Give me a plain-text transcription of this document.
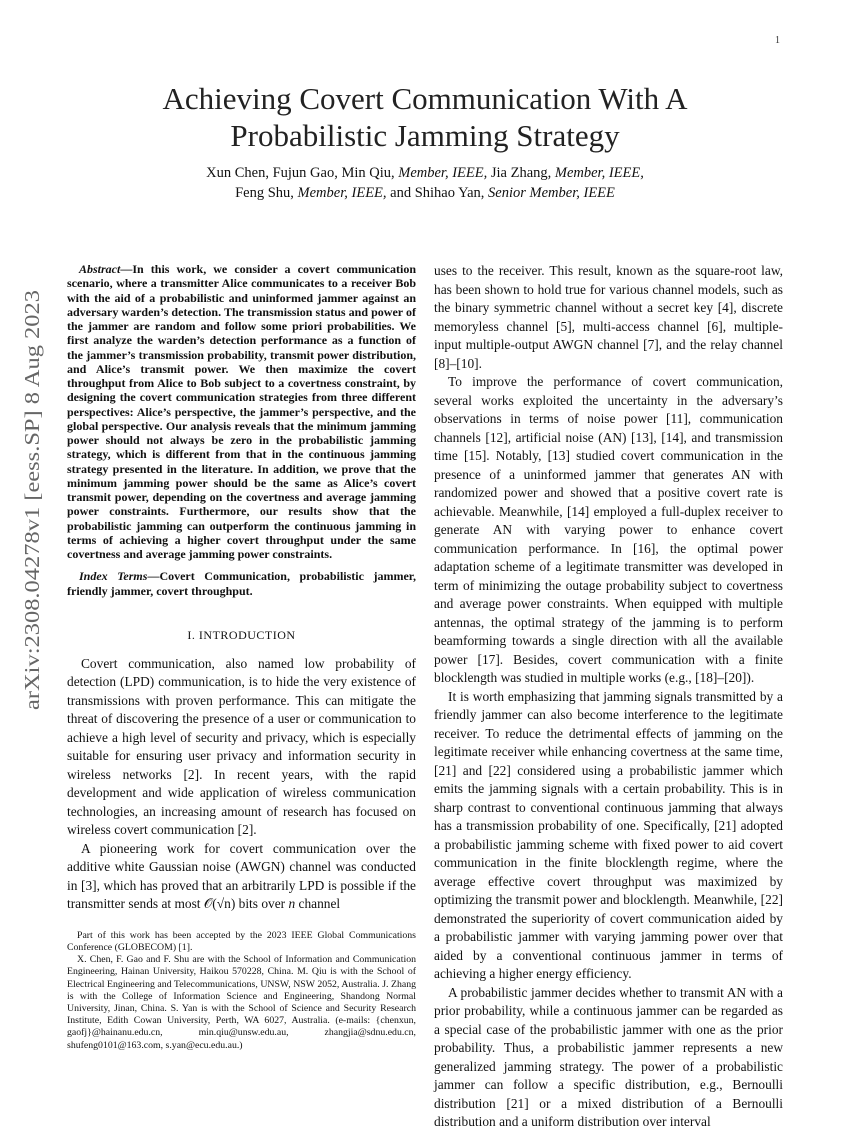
1
arXiv:2308.04278v1 [eess.SP] 8 Aug 2023
Achieving Covert Communication With A
Probabilistic Jamming Strategy
Xun Chen, Fujun Gao, Min Qiu, Member, IEEE, Jia Zhang, Member, IEEE,
Feng Shu, Member, IEEE, and Shihao Yan, Senior Member, IEEE

Abstract—In this work, we consider a covert communication scenario, where a transmitter Alice communicates to a receiver Bob with the aid of a probabilistic and uninformed jammer against an adversary warden’s detection. The transmission status and power of the jammer are random and follow some priori probabilities. We first analyze the warden’s detection performance as a function of the jammer’s transmission probability, transmit power distribution, and Alice’s transmit power. We then maximize the covert throughput from Alice to Bob subject to a covertness constraint, by designing the covert communication strategies from three different perspectives: Alice’s perspective, the jammer’s perspective, and the global perspective. Our analysis reveals that the minimum jamming power should not always be zero in the probabilistic jamming strategy, which is different from that in the continuous jamming strategy presented in the literature. In addition, we prove that the minimum jamming power should be the same as Alice’s covert transmit power, depending on the covertness and average jamming power constraints. Furthermore, our results show that the probabilistic jamming can outperform the continuous jamming in terms of achieving a higher covert throughput under the same covertness and average jamming power constraints.

Index Terms—Covert Communication, probabilistic jammer, friendly jammer, covert throughput.

I. INTRODUCTION

Covert communication, also named low probability of detection (LPD) communication, is to hide the very existence of transmissions with proven performance. This can mitigate the threat of discovering the presence of a user or communication to achieve a high level of security and privacy, which is especially suitable for ensuring user privacy and information security in wireless networks [2]. In recent years, with the rapid development and wide application of wireless communication technologies, an increasing amount of research has focused on wireless covert communication [2].

A pioneering work for covert communication over the additive white Gaussian noise (AWGN) channel was conducted in [3], which has proved that an arbitrarily LPD is possible if the transmitter sends at most 𝒪(√n) bits over n channel

Part of this work has been accepted by the 2023 IEEE Global Communications Conference (GLOBECOM) [1].

X. Chen, F. Gao and F. Shu are with the School of Information and Communication Engineering, Hainan University, Haikou 570228, China. M. Qiu is with the School of Electrical Engineering and Telecommunications, UNSW, NSW 2052, Australia. J. Zhang is with the College of Information Science and Engineering, Shandong Normal University, Jinan, China. S. Yan is with the School of Science and Security Research Institute, Edith Cowan University, Perth, WA 6027, Australia. (e-mails: {chenxun, gaofj}@hainanu.edu.cn, min.qiu@unsw.edu.au, zhangjia@sdnu.edu.cn, shufeng0101@163.com, s.yan@ecu.edu.au.)

uses to the receiver. This result, known as the square-root law, has been shown to hold true for various channel models, such as the binary symmetric channel without a secret key [4], discrete memoryless channel [5], multi-access channel [6], multiple-input multiple-output AWGN channel [7], and the relay channel [8]–[10].

To improve the performance of covert communication, several works exploited the uncertainty in the adversary’s observations in terms of noise power [11], communication channels [12], artificial noise (AN) [13], [14], and transmission time [15]. Notably, [13] studied covert communication in the presence of a uninformed jammer that generates AN with randomized power and showed that a positive covert rate is achievable. Meanwhile, [14] employed a full-duplex receiver to generate AN with varying power to enhance covert communication performance. In [16], the optimal power adaptation scheme of a legitimate transmitter was developed in term of minimizing the outage probability subject to covertness and average power constraints. When equipped with multiple antennas, the optimal strategy of the jamming is to perform beamforming towards a single direction with all the available power [17]. Besides, covert communication with a finite blocklength was studied in multiple works (e.g., [18]–[20]).

It is worth emphasizing that jamming signals transmitted by a friendly jammer can also become interference to the legitimate receiver. To reduce the detrimental effects of jamming on the legitimate receiver while enhancing covertness at the same time, [21] and [22] considered using a probabilistic jammer which emits the jamming signals with a certain probability. This is in sharp contrast to conventional continuous jamming that always has a transmission probability of one. Specifically, [21] adopted a probabilistic jamming scheme with fixed power to aid covert communication in the finite blocklength regime, where the average effective covert throughput was maximized by optimizing the transmit power and blocklength. Meanwhile, [22] demonstrated the superiority of covert communication aided by a probabilistic jammer with varying jamming power over that aided by a conventional continuous jammer in terms of achieving a higher energy efficiency.

A probabilistic jammer decides whether to transmit AN with a prior probability, while a continuous jammer can be regarded as a special case of the probabilistic jammer with one as the prior probability. Thus, a probabilistic jammer represents a new generalized jamming strategy. The power of a probabilistic jammer can follow a specific distribution, e.g., Bernoulli distribution [21] or a mixed distribution of a Bernoulli distribution and a uniform distribution over interval
